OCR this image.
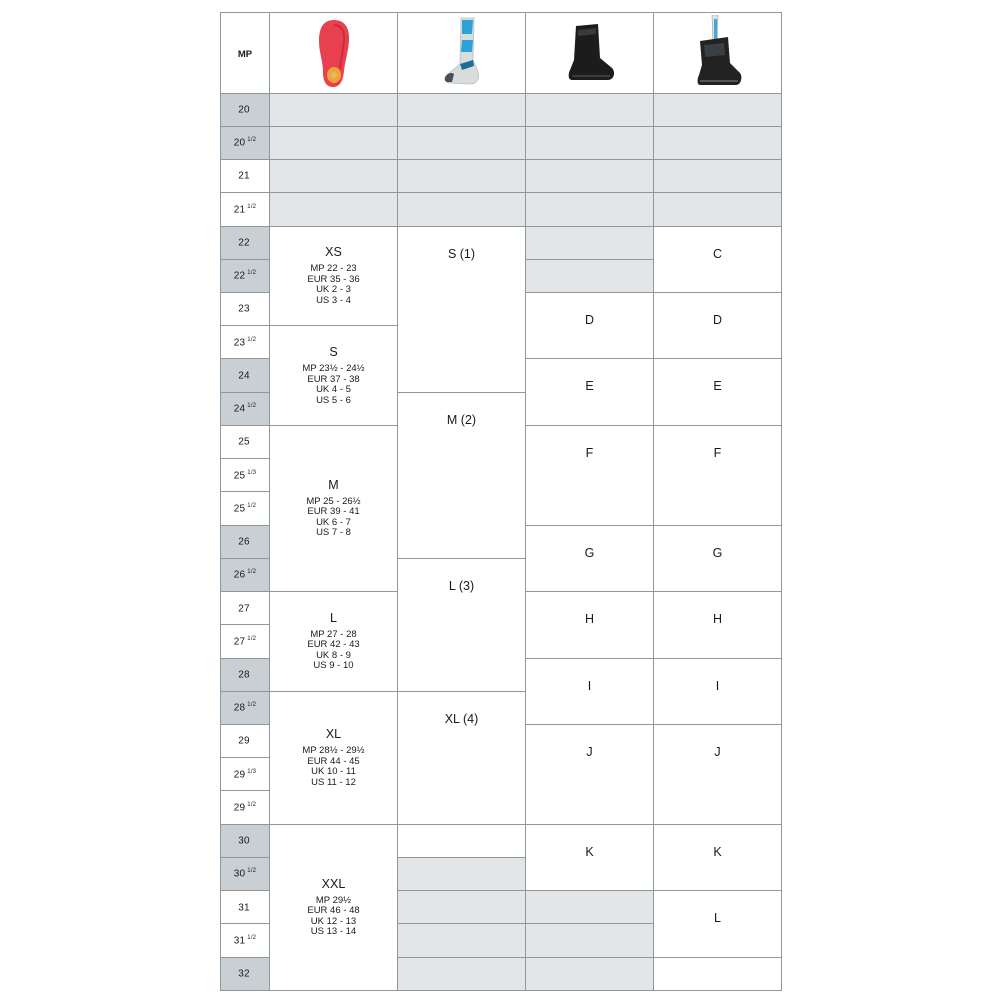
MP	

20				
20 $^{1/2}$				
21				
21 $^{1/2}$				
22	XS
MP 22 - 23
EUR 35 - 36
UK 2 - 3
US 3 - 4	S (1)		C
22 $^{1/2}$	
23			D	D
23 $^{1/2}$	S
MP 23½ - 24½
EUR 37 - 38
UK 4 - 5
US 5 - 6			

24			E	E
24 $^{1/2}$		M (2)		
25	M
MP 25 - 26½
EUR 39 - 41
UK 6 - 7
US 7 - 8		F	F
25 $^{1/3}$
25 $^{1/2}$
26			G	G
26 $^{1/2}$		L (3)		
27	L
MP 27 - 28
EUR 42 - 43
UK 8 - 9
US 9 - 10		H	H
27 $^{1/2}$
28			I	I
28 $^{1/2}$	XL
MP 28½ - 29½
EUR 44 - 45
UK 10 - 11
US 11 - 12	XL (4)		
29			J	J
29 $^{1/3}$
29 $^{1/2}$
30	XXL
MP 29½
EUR 46 - 48
UK 12 - 13
US 13 - 14		K	K
30 $^{1/2}$	
31				L
31 $^{1/2}$		
32				
